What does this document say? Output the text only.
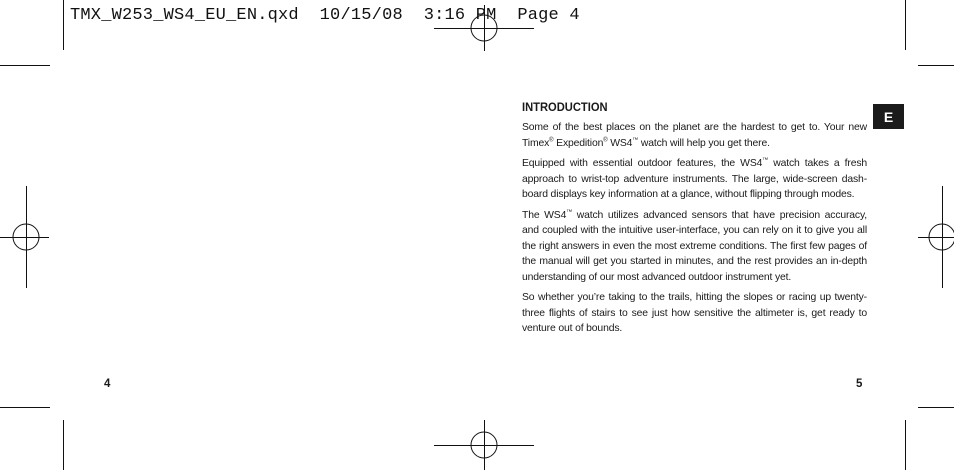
TMX_W253_WS4_EU_EN.qxd 10/15/08 3:16 PM Page 4
E
INTRODUCTION

Some of the best places on the planet are the hardest to get to. Your new Timex® Expedition® WS4™ watch will help you get there.

Equipped with essential outdoor features, the WS4™ watch takes a fresh approach to wrist-top adventure instruments. The large, wide-screen dash-board displays key information at a glance, without flipping through modes.

The WS4™ watch utilizes advanced sensors that have precision accuracy, and coupled with the intuitive user-interface, you can rely on it to give you all the right answers in even the most extreme conditions. The first few pages of the manual will get you started in minutes, and the rest provides an in-depth understanding of our most advanced outdoor instrument yet.

So whether you’re taking to the trails, hitting the slopes or racing up twenty-three flights of stairs to see just how sensitive the altimeter is, get ready to venture out of bounds.

4	5
